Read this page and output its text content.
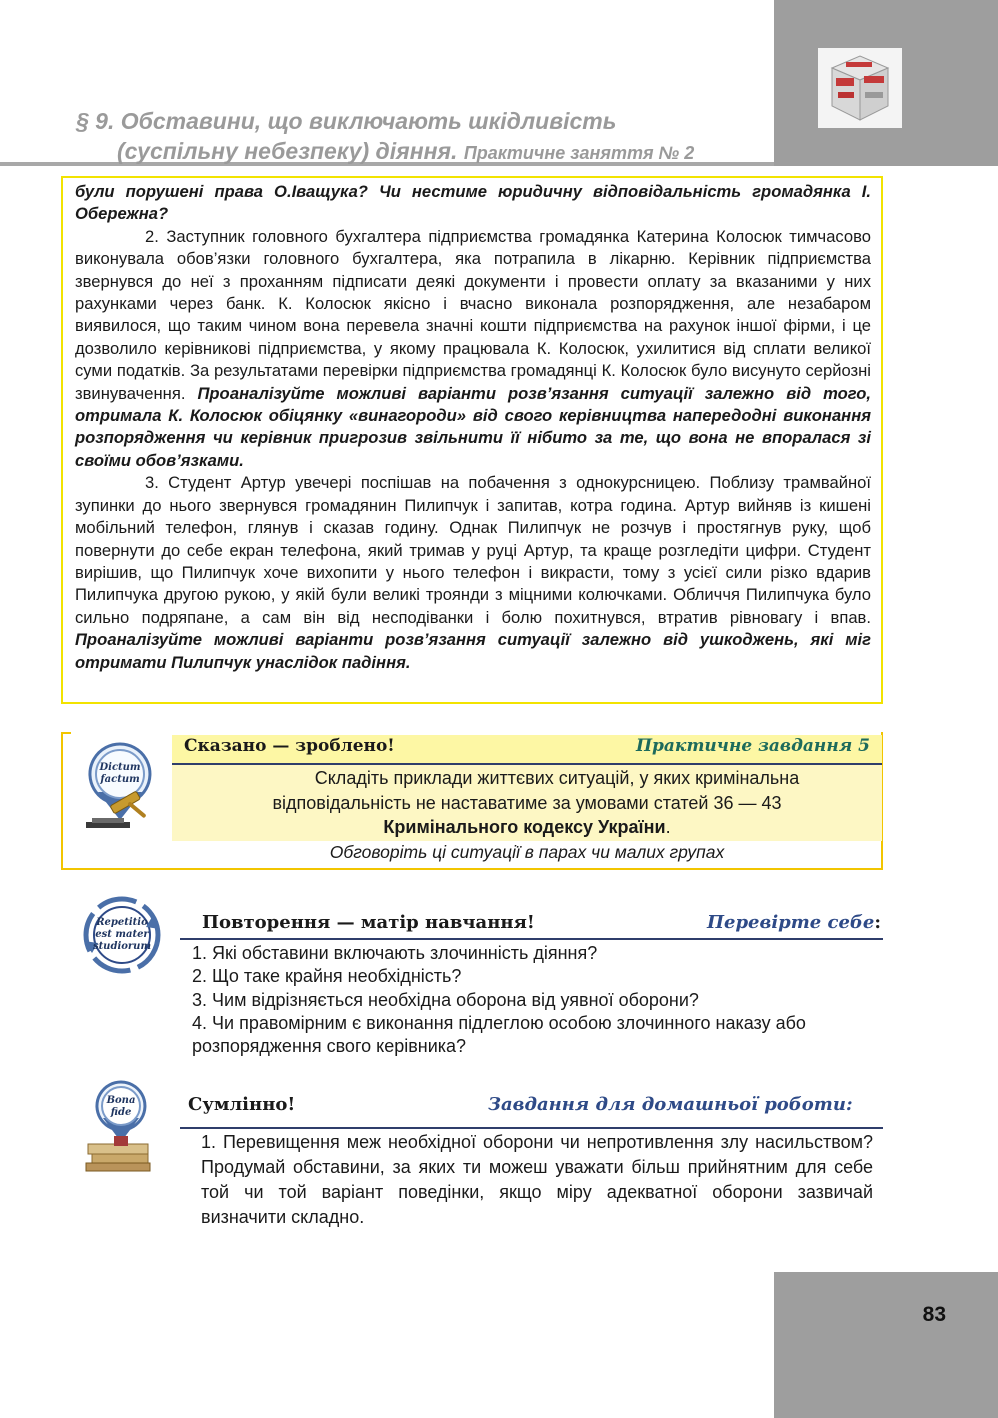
§ 9. Обставини, що виключають шкідливість
(суспільну небезпеку) діяння. Практичне заняття № 2
були порушені права О.Іващука? Чи нестиме юридичну відповідальність громадянка І. Обережна?
2. Заступник головного бухгалтера підприємства громадянка Катерина Колосюк тимчасово виконувала обов’язки головного бухгалтера, яка потрапила в лікарню. Керівник підприємства звернувся до неї з проханням підписати деякі документи і провести оплату за вказаними у них рахунками через банк. К. Колосюк якісно і вчасно виконала розпорядження, але незабаром виявилося, що таким чином вона перевела значні кошти підприємства на рахунок іншої фірми, і це дозволило керівникові підприємства, у якому працювала К. Колосюк, ухилитися від сплати великої суми податків. За результатами перевірки підприємства громадянці К. Колосюк було висунуто серйозні звинувачення. Проаналізуйте можливі варіанти розв’язання ситуації залежно від того, отримала К. Колосюк обіцянку «винагороди» від свого керівництва напередодні виконання розпорядження чи керівник пригрозив звільнити її нібито за те, що вона не впоралася зі своїми обов’язками.
3. Студент Артур увечері поспішав на побачення з однокурсницею. Поблизу трамвайної зупинки до нього звернувся громадянин Пилипчук і запитав, котра година. Артур вийняв із кишені мобільний телефон, глянув і сказав годину. Однак Пилипчук не розчув і простягнув руку, щоб повернути до себе екран телефона, який тримав у руці Артур, та краще розгледіти цифри. Студент вирішив, що Пилипчук хоче вихопити у нього телефон і викрасти, тому з усієї сили різко вдарив Пилипчука другою рукою, у якій були великі троянди з міцними колючками. Обличчя Пилипчука було сильно подряпане, а сам він від несподіванки і болю похитнувся, втратив рівновагу і впав. Проаналізуйте можливі варіанти розв’язання ситуації залежно від ушкоджень, які міг отримати Пилипчук унаслідок падіння.
Сказано — зроблено!	Практичне завдання 5
Складіть приклади життєвих ситуацій, у яких кримінальна
відповідальність не наставатиме за умовами статей 36 — 43
Кримінального кодексу України.
Обговоріть ці ситуації в парах чи малих групах
Dictum
factum
Repetitio
est mater
studiorum
Повторення — матір навчання!	Перевірте себе:
1. Які обставини включають злочинність діяння?
2. Що таке крайня необхідність?
3. Чим відрізняється необхідна оборона від уявної оборони?
4. Чи правомірним є виконання підлеглою особою злочинного наказу або розпорядження свого керівника?
Bona
fide	Сумлінно!	Завдання для домашньої роботи:
1. Перевищення меж необхідної оборони чи непротивлення злу насильством? Продумай обставини, за яких ти можеш уважати більш прийнятним для себе той чи той варіант поведінки, якщо міру адекватної оборони зазвичай визначити складно.
83
